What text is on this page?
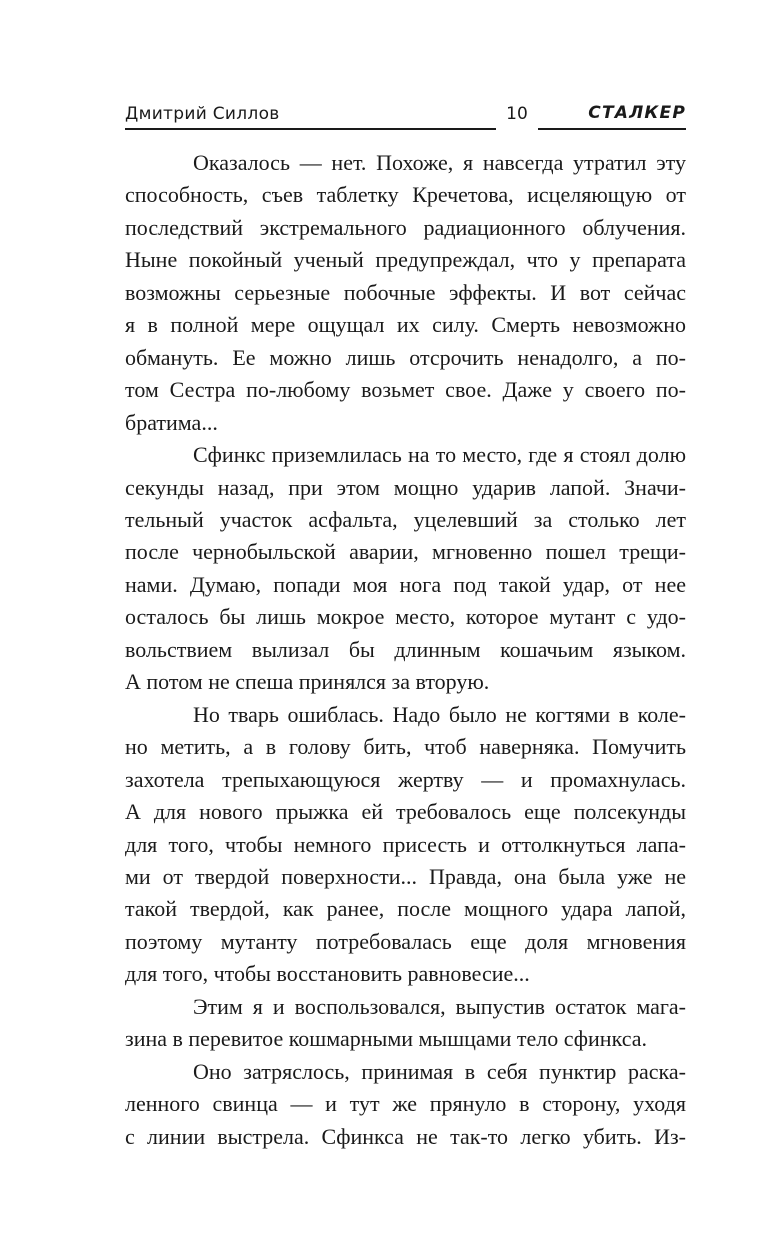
Дмитрий Силлов	10	СТАЛКЕР

Оказалось — нет. Похоже, я навсегда утратил эту
способность, съев таблетку Кречетова, исцеляющую от
последствий экстремального радиационного облучения.
Ныне покойный ученый предупреждал, что у препарата
возможны серьезные побочные эффекты. И вот сейчас
я в полной мере ощущал их силу. Смерть невозможно
обмануть. Ее можно лишь отсрочить ненадолго, а по-
том Сестра по-любому возьмет свое. Даже у своего по-
братима...

Сфинкс приземлилась на то место, где я стоял долю
секунды назад, при этом мощно ударив лапой. Значи-
тельный участок асфальта, уцелевший за столько лет
после чернобыльской аварии, мгновенно пошел трещи-
нами. Думаю, попади моя нога под такой удар, от нее
осталось бы лишь мокрое место, которое мутант с удо-
вольствием вылизал бы длинным кошачьим языком.
А потом не спеша принялся за вторую.

Но тварь ошиблась. Надо было не когтями в коле-
но метить, а в голову бить, чтоб наверняка. Помучить
захотела трепыхающуюся жертву — и промахнулась.
А для нового прыжка ей требовалось еще полсекунды
для того, чтобы немного присесть и оттолкнуться лапа-
ми от твердой поверхности... Правда, она была уже не
такой твердой, как ранее, после мощного удара лапой,
поэтому мутанту потребовалась еще доля мгновения
для того, чтобы восстановить равновесие...

Этим я и воспользовался, выпустив остаток мага-
зина в перевитое кошмарными мышцами тело сфинкса.

Оно затряслось, принимая в себя пунктир раска-
ленного свинца — и тут же прянуло в сторону, уходя
с линии выстрела. Сфинкса не так-то легко убить. Из-
